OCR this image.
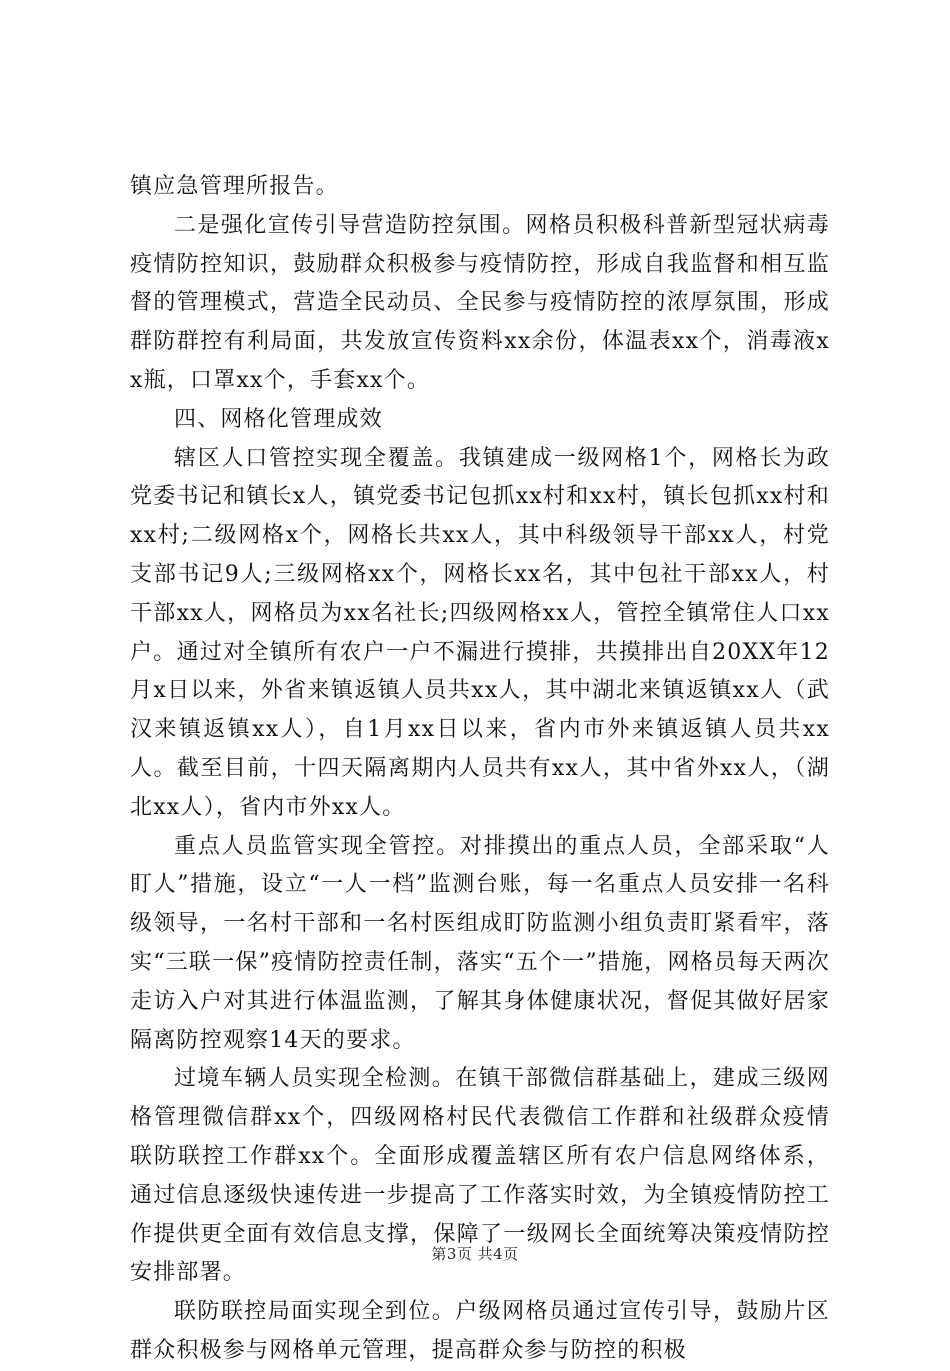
镇应急管理所报告。

二是强化宣传引导营造防控氛围。网格员积极科普新型冠状病毒疫情防控知识，鼓励群众积极参与疫情防控，形成自我监督和相互监督的管理模式，营造全民动员、全民参与疫情防控的浓厚氛围，形成群防群控有利局面，共发放宣传资料xx余份，体温表xx个，消毒液xx瓶，口罩xx个，手套xx个。

四、网格化管理成效

辖区人口管控实现全覆盖。我镇建成一级网格1个，网格长为政党委书记和镇长x人，镇党委书记包抓xx村和xx村，镇长包抓xx村和xx村;二级网格x个，网格长共xx人，其中科级领导干部xx人，村党支部书记9人;三级网格xx个，网格长xx名，其中包社干部xx人，村干部xx人，网格员为xx名社长;四级网格xx人，管控全镇常住人口xx户。通过对全镇所有农户一户不漏进行摸排，共摸排出自20XX年12月x日以来，外省来镇返镇人员共xx人，其中湖北来镇返镇xx人（武汉来镇返镇xx人），自1月xx日以来，省内市外来镇返镇人员共xx人。截至目前，十四天隔离期内人员共有xx人，其中省外xx人，（湖北xx人），省内市外xx人。

重点人员监管实现全管控。对排摸出的重点人员，全部采取“人盯人”措施，设立“一人一档”监测台账，每一名重点人员安排一名科级领导，一名村干部和一名村医组成盯防监测小组负责盯紧看牢，落实“三联一保”疫情防控责任制，落实“五个一”措施，网格员每天两次走访入户对其进行体温监测，了解其身体健康状况，督促其做好居家隔离防控观察14天的要求。

过境车辆人员实现全检测。在镇干部微信群基础上，建成三级网格管理微信群xx个，四级网格村民代表微信工作群和社级群众疫情联防联控工作群xx个。全面形成覆盖辖区所有农户信息网络体系，通过信息逐级快速传进一步提高了工作落实时效，为全镇疫情防控工作提供更全面有效信息支撑，保障了一级网长全面统筹决策疫情防控安排部署。

联防联控局面实现全到位。户级网格员通过宣传引导，鼓励片区群众积极参与网格单元管理，提高群众参与防控的积极

第3页 共4页
